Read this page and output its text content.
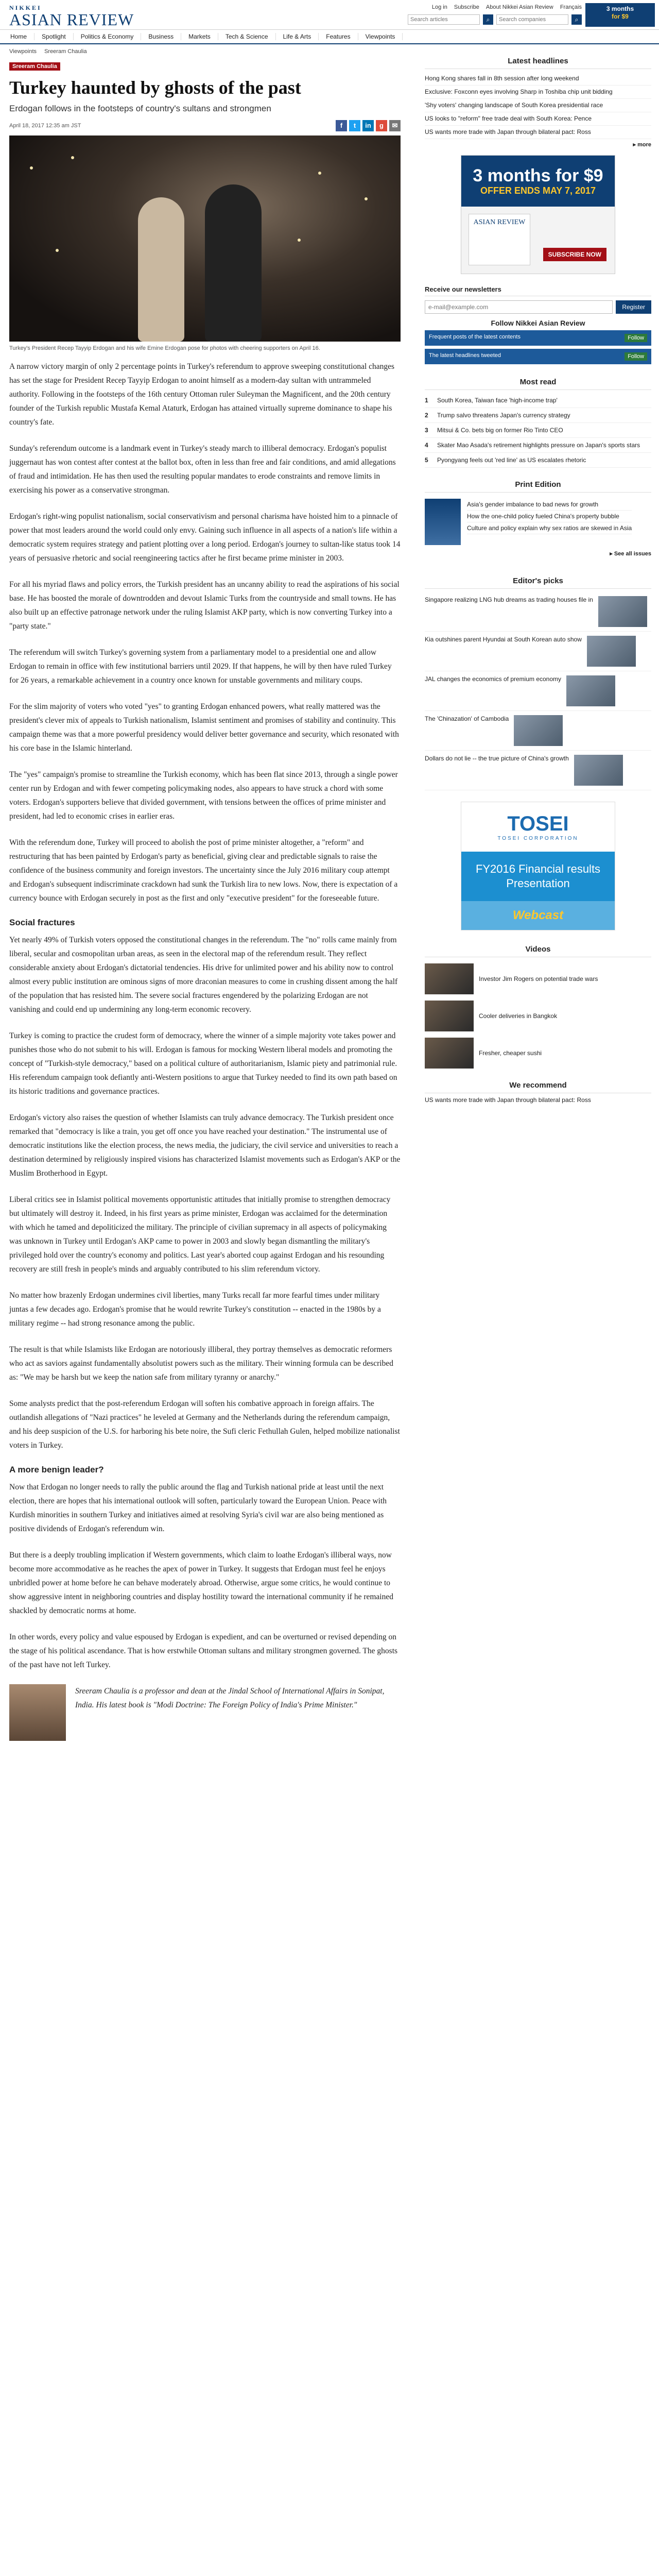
NIKKEI
ASIAN REVIEW
Log in Subscribe About Nikkei Asian Review Français
Search articles
⌕
Search companies	⌕
3 months
for $9
Home	Spotlight	Politics & Economy	Business	Markets	Tech & Science	Life & Arts	Features	Viewpoints
Viewpoints Sreeram Chaulia
Sreeram Chaulia
Turkey haunted by ghosts of the past
Erdogan follows in the footsteps of country's sultans and strongmen
April 18, 2017 12:35 am JST	f	t	in	g	✉
Turkey's President Recep Tayyip Erdogan and his wife Emine Erdogan pose for photos with cheering supporters on April 16.

A narrow victory margin of only 2 percentage points in Turkey's referendum to approve sweeping constitutional changes has set the stage for President Recep Tayyip Erdogan to anoint himself as a modern-day sultan with untrammeled authority. Following in the footsteps of the 16th century Ottoman ruler Suleyman the Magnificent, and the 20th century founder of the Turkish republic Mustafa Kemal Ataturk, Erdogan has attained virtually supreme dominance to shape his country's fate.

Sunday's referendum outcome is a landmark event in Turkey's steady march to illiberal democracy. Erdogan's populist juggernaut has won contest after contest at the ballot box, often in less than free and fair conditions, and amid allegations of fraud and intimidation. He has then used the resulting popular mandates to erode constraints and remove limits in exercising his power as a conservative strongman.

Erdogan's right-wing populist nationalism, social conservativism and personal charisma have hoisted him to a pinnacle of power that most leaders around the world could only envy. Gaining such influence in all aspects of a nation's life within a democratic system requires strategy and patient plotting over a long period. Erdogan's journey to sultan-like status took 14 years of persuasive rhetoric and social reengineering tactics after he first became prime minister in 2003.

For all his myriad flaws and policy errors, the Turkish president has an uncanny ability to read the aspirations of his social base. He has boosted the morale of downtrodden and devout Islamic Turks from the countryside and small towns. He has also built up an effective patronage network under the ruling Islamist AKP party, which is now converting Turkey into a "party state."

The referendum will switch Turkey's governing system from a parliamentary model to a presidential one and allow Erdogan to remain in office with few institutional barriers until 2029. If that happens, he will by then have ruled Turkey for 26 years, a remarkable achievement in a country once known for unstable governments and military coups.

For the slim majority of voters who voted "yes" to granting Erdogan enhanced powers, what really mattered was the president's clever mix of appeals to Turkish nationalism, Islamist sentiment and promises of stability and continuity. This campaign theme was that a more powerful presidency would deliver better governance and security, which resonated with his core base in the Islamic hinterland.

The "yes" campaign's promise to streamline the Turkish economy, which has been flat since 2013, through a single power center run by Erdogan and with fewer competing policymaking nodes, also appears to have struck a chord with some voters. Erdogan's supporters believe that divided government, with tensions between the offices of prime minister and president, had led to economic crises in earlier eras.

With the referendum done, Turkey will proceed to abolish the post of prime minister altogether, a "reform" and restructuring that has been painted by Erdogan's party as beneficial, giving clear and predictable signals to raise the confidence of the business community and foreign investors. The uncertainty since the July 2016 military coup attempt and Erdogan's subsequent indiscriminate crackdown had sunk the Turkish lira to new lows. Now, there is expectation of a currency bounce with Erdogan securely in post as the first and only "executive president" for the foreseeable future.

Social fractures

Yet nearly 49% of Turkish voters opposed the constitutional changes in the referendum. The "no" rolls came mainly from liberal, secular and cosmopolitan urban areas, as seen in the electoral map of the referendum result. They reflect considerable anxiety about Erdogan's dictatorial tendencies. His drive for unlimited power and his ability now to control almost every public institution are ominous signs of more draconian measures to come in crushing dissent among the half of the population that has resisted him. The severe social fractures engendered by the polarizing Erdogan are not vanishing and could end up undermining any long-term economic recovery.

Turkey is coming to practice the crudest form of democracy, where the winner of a simple majority vote takes power and punishes those who do not submit to his will. Erdogan is famous for mocking Western liberal models and promoting the concept of "Turkish-style democracy," based on a political culture of authoritarianism, Islamic piety and patrimonial rule. His referendum campaign took defiantly anti-Western positions to argue that Turkey needed to find its own path based on its historic traditions and governance practices.

Erdogan's victory also raises the question of whether Islamists can truly advance democracy. The Turkish president once remarked that "democracy is like a train, you get off once you have reached your destination." The instrumental use of democratic institutions like the election process, the news media, the judiciary, the civil service and universities to reach a destination determined by religiously inspired visions has characterized Islamist movements such as Erdogan's AKP or the Muslim Brotherhood in Egypt.

Liberal critics see in Islamist political movements opportunistic attitudes that initially promise to strengthen democracy but ultimately will destroy it. Indeed, in his first years as prime minister, Erdogan was acclaimed for the determination with which he tamed and depoliticized the military. The principle of civilian supremacy in all aspects of policymaking was unknown in Turkey until Erdogan's AKP came to power in 2003 and slowly began dismantling the military's privileged hold over the country's economy and politics. Last year's aborted coup against Erdogan and his resounding recovery are still fresh in people's minds and arguably contributed to his slim referendum victory.

No matter how brazenly Erdogan undermines civil liberties, many Turks recall far more fearful times under military juntas a few decades ago. Erdogan's promise that he would rewrite Turkey's constitution -- enacted in the 1980s by a military regime -- had strong resonance among the public.

The result is that while Islamists like Erdogan are notoriously illiberal, they portray themselves as democratic reformers who act as saviors against fundamentally absolutist powers such as the military. Their winning formula can be described as: "We may be harsh but we keep the nation safe from military tyranny or anarchy."

Some analysts predict that the post-referendum Erdogan will soften his combative approach in foreign affairs. The outlandish allegations of "Nazi practices" he leveled at Germany and the Netherlands during the referendum campaign, and his deep suspicion of the U.S. for harboring his bete noire, the Sufi cleric Fethullah Gulen, helped mobilize nationalist voters in Turkey.

A more benign leader?

Now that Erdogan no longer needs to rally the public around the flag and Turkish national pride at least until the next election, there are hopes that his international outlook will soften, particularly toward the European Union. Peace with Kurdish minorities in southern Turkey and initiatives aimed at resolving Syria's civil war are also being mentioned as positive dividends of Erdogan's referendum win.

But there is a deeply troubling implication if Western governments, which claim to loathe Erdogan's illiberal ways, now become more accommodative as he reaches the apex of power in Turkey. It suggests that Erdogan must feel he enjoys unbridled power at home before he can behave moderately abroad. Otherwise, argue some critics, he would continue to show aggressive intent in neighboring countries and display hostility toward the international community if he remained shackled by democratic norms at home.

In other words, every policy and value espoused by Erdogan is expedient, and can be overturned or revised depending on the stage of his political ascendance. That is how erstwhile Ottoman sultans and military strongmen governed. The ghosts of the past have not left Turkey.

Sreeram Chaulia is a professor and dean at the Jindal School of International Affairs in Sonipat, India. His latest book is "Modi Doctrine: The Foreign Policy of India's Prime Minister."

Latest headlines
Hong Kong shares fall in 8th session after long weekend
Exclusive: Foxconn eyes involving Sharp in Toshiba chip unit bidding
'Shy voters' changing landscape of South Korea presidential race
US looks to "reform" free trade deal with South Korea: Pence
US wants more trade with Japan through bilateral pact: Ross
▸ more
3 months for $9
OFFER ENDS MAY 7, 2017
ASIAN REVIEW
SUBSCRIBE NOW
Receive our newsletters
e-mail@example.com
Register
Follow Nikkei Asian Review
Frequent posts of the latest contents	Follow
The latest headlines tweeted	Follow
Most read
1	South Korea, Taiwan face 'high-income trap'
2	Trump salvo threatens Japan's currency strategy
3	Mitsui & Co. bets big on former Rio Tinto CEO
4	Skater Mao Asada's retirement highlights pressure on Japan's sports stars
5	Pyongyang feels out 'red line' as US escalates rhetoric
Print Edition
Asia's gender imbalance to bad news for growth
How the one-child policy fueled China's property bubble
Culture and policy explain why sex ratios are skewed in Asia
▸ See all issues
Editor's picks
Singapore realizing LNG hub dreams as trading houses file in
Kia outshines parent Hyundai at South Korean auto show
JAL changes the economics of premium economy
The 'Chinazation' of Cambodia
Dollars do not lie -- the true picture of China's growth
TOSEI
TOSEI CORPORATION
FY2016 Financial results Presentation
Webcast
Videos
Investor Jim Rogers on potential trade wars
Cooler deliveries in Bangkok
Fresher, cheaper sushi
We recommend
US wants more trade with Japan through bilateral pact: Ross
